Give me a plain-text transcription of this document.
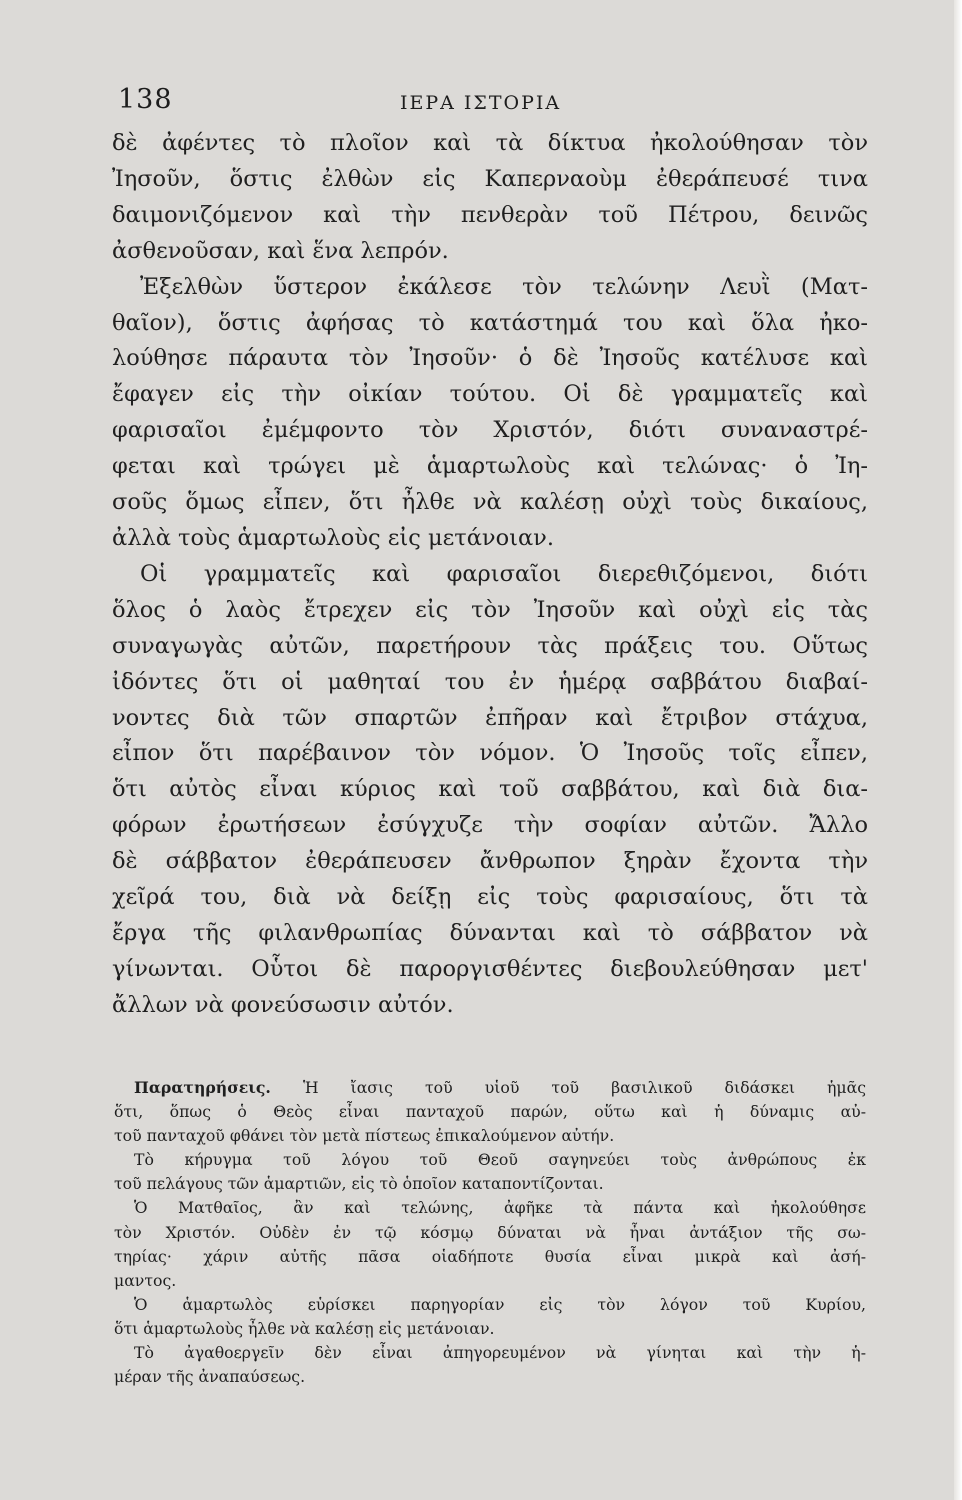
138	ΙΕΡΑ ΙΣΤΟΡΙΑ

δὲ ἀφέντες τὸ πλοῖον καὶ τὰ δίκτυα ἠκολούθησαν τὸν
Ἰησοῦν, ὅστις ἐλθὼν εἰς Καπερναοὺμ ἐθεράπευσέ τινα
δαιμονιζόμενον καὶ τὴν πενθερὰν τοῦ Πέτρου, δεινῶς
ἀσθενοῦσαν, καὶ ἕνα λεπρόν.

Ἐξελθὼν ὕστερον ἐκάλεσε τὸν τελώνην Λευῒ (Ματ-
θαῖον), ὅστις ἀφήσας τὸ κατάστημά του καὶ ὅλα ἠκο-
λούθησε πάραυτα τὸν Ἰησοῦν· ὁ δὲ Ἰησοῦς κατέλυσε καὶ
ἔφαγεν εἰς τὴν οἰκίαν τούτου. Οἱ δὲ γραμματεῖς καὶ
φαρισαῖοι ἐμέμφοντο τὸν Χριστόν, διότι συναναστρέ-
φεται καὶ τρώγει μὲ ἁμαρτωλοὺς καὶ τελώνας· ὁ Ἰη-
σοῦς ὅμως εἶπεν, ὅτι ἦλθε νὰ καλέσῃ οὐχὶ τοὺς δικαίους,
ἀλλὰ τοὺς ἁμαρτωλοὺς εἰς μετάνοιαν.

Οἱ γραμματεῖς καὶ φαρισαῖοι διερεθιζόμενοι, διότι
ὅλος ὁ λαὸς ἔτρεχεν εἰς τὸν Ἰησοῦν καὶ οὐχὶ εἰς τὰς
συναγωγὰς αὐτῶν, παρετήρουν τὰς πράξεις του. Οὕτως
ἰδόντες ὅτι οἱ μαθηταί του ἐν ἡμέρᾳ σαββάτου διαβαί-
νοντες διὰ τῶν σπαρτῶν ἐπῆραν καὶ ἔτριβον στάχυα,
εἶπον ὅτι παρέβαινον τὸν νόμον. Ὁ Ἰησοῦς τοῖς εἶπεν,
ὅτι αὐτὸς εἶναι κύριος καὶ τοῦ σαββάτου, καὶ διὰ δια-
φόρων ἐρωτήσεων ἐσύγχυζε τὴν σοφίαν αὐτῶν. Ἄλλο
δὲ σάββατον ἐθεράπευσεν ἄνθρωπον ξηρὰν ἔχοντα τὴν
χεῖρά του, διὰ νὰ δείξῃ εἰς τοὺς φαρισαίους, ὅτι τὰ
ἔργα τῆς φιλανθρωπίας δύνανται καὶ τὸ σάββατον νὰ
γίνωνται. Οὗτοι δὲ παροργισθέντες διεβουλεύθησαν μετ'
ἄλλων νὰ φονεύσωσιν αὐτόν.

Παρατηρήσεις. Ἡ ἴασις τοῦ υἱοῦ τοῦ βασιλικοῦ διδάσκει ἡμᾶς
ὅτι, ὅπως ὁ Θεὸς εἶναι πανταχοῦ παρών, οὕτω καὶ ἡ δύναμις αὐ-
τοῦ πανταχοῦ φθάνει τὸν μετὰ πίστεως ἐπικαλούμενον αὐτήν.

Τὸ κήρυγμα τοῦ λόγου τοῦ Θεοῦ σαγηνεύει τοὺς ἀνθρώπους ἐκ
τοῦ πελάγους τῶν ἁμαρτιῶν, εἰς τὸ ὁποῖον καταποντίζονται.

Ὁ Ματθαῖος, ἂν καὶ τελώνης, ἀφῆκε τὰ πάντα καὶ ἠκολούθησε
τὸν Χριστόν. Οὐδὲν ἐν τῷ κόσμῳ δύναται νὰ ἦναι ἀντάξιον τῆς σω-
τηρίας· χάριν αὐτῆς πᾶσα οἱαδήποτε θυσία εἶναι μικρὰ καὶ ἀσή-
μαντος.

Ὁ ἁμαρτωλὸς εὑρίσκει παρηγορίαν εἰς τὸν λόγον τοῦ Κυρίου,
ὅτι ἁμαρτωλοὺς ἦλθε νὰ καλέσῃ εἰς μετάνοιαν.

Τὸ ἀγαθοεργεῖν δὲν εἶναι ἀπηγορευμένον νὰ γίνηται καὶ τὴν ἡ-
μέραν τῆς ἀναπαύσεως.
